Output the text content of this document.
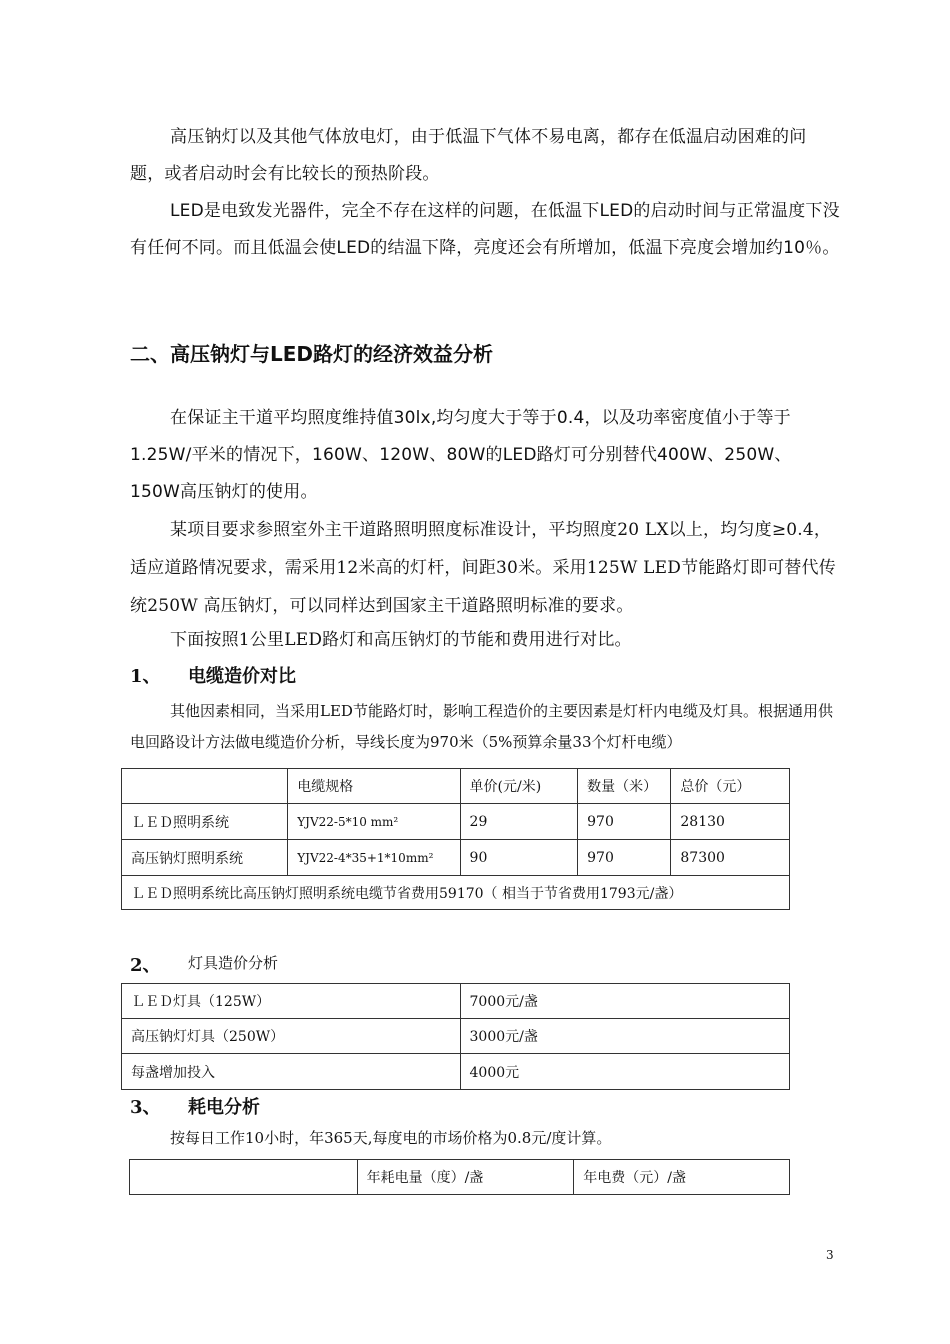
高压钠灯以及其他气体放电灯，由于低温下气体不易电离，都存在低温启动困难的问题，或者启动时会有比较长的预热阶段。

LED是电致发光器件，完全不存在这样的问题，在低温下LED的启动时间与正常温度下没有任何不同。而且低温会使LED的结温下降，亮度还会有所增加，低温下亮度会增加约10％。

二、高压钠灯与LED路灯的经济效益分析

在保证主干道平均照度维持值30lx,均匀度大于等于0.4，以及功率密度值小于等于1.25W/平米的情况下，160W、120W、80W的LED路灯可分别替代400W、250W、150W高压钠灯的使用。

某项目要求参照室外主干道路照明照度标准设计，平均照度20 LX以上，均匀度≥0.4，适应道路情况要求，需采用12米高的灯杆，间距30米。采用125W LED节能路灯即可替代传统250W 高压钠灯，可以同样达到国家主干道路照明标准的要求。

下面按照1公里LED路灯和高压钠灯的节能和费用进行对比。

1、 电缆造价对比

其他因素相同，当采用LED节能路灯时，影响工程造价的主要因素是灯杆内电缆及灯具。根据通用供电回路设计方法做电缆造价分析，导线长度为970米（5%预算余量33个灯杆电缆）

	电缆规格	单价(元/米)	数量（米）	总价（元）
ＬＥＤ照明系统	YJV22-5*10 mm²	29	970	28130
高压钠灯照明系统	YJV22-4*35+1*10mm²	90	970	87300
ＬＥＤ照明系统比高压钠灯照明系统电缆节省费用59170（ 相当于节省费用1793元/盏）				
2、 灯具造价分析
ＬＥＤ灯具（125W）	7000元/盏
高压钠灯灯具（250W）	3000元/盏
每盏增加投入	4000元
3、 耗电分析

按每日工作10小时，年365天,每度电的市场价格为0.8元/度计算。

	年耗电量（度）/盏	年电费（元）/盏
3
